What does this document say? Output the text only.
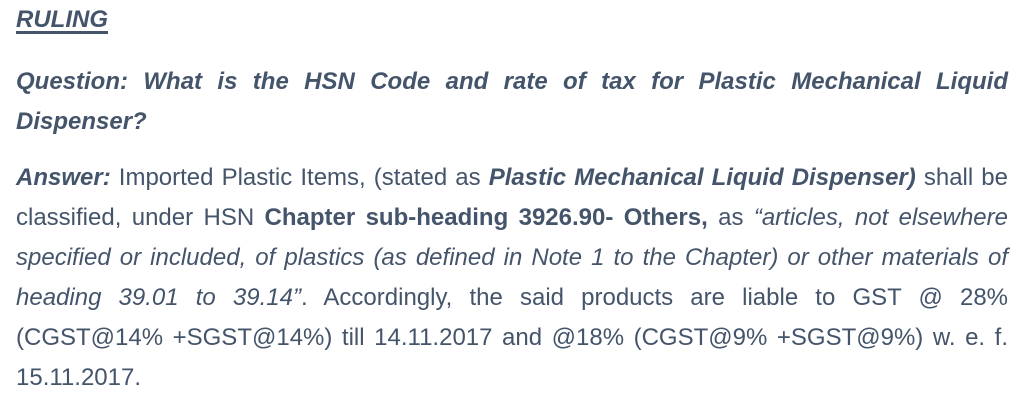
RULING

Question: What is the HSN Code and rate of tax for Plastic Mechanical Liquid Dispenser?

Answer: Imported Plastic Items, (stated as Plastic Mechanical Liquid Dispenser) shall be classified, under HSN Chapter sub-heading 3926.90- Others, as “articles, not elsewhere specified or included, of plastics (as defined in Note 1 to the Chapter) or other materials of heading 39.01 to 39.14”. Accordingly, the said products are liable to GST @ 28% (CGST@14% +SGST@14%) till 14.11.2017 and @18% (CGST@9% +SGST@9%) w. e. f. 15.11.2017.
